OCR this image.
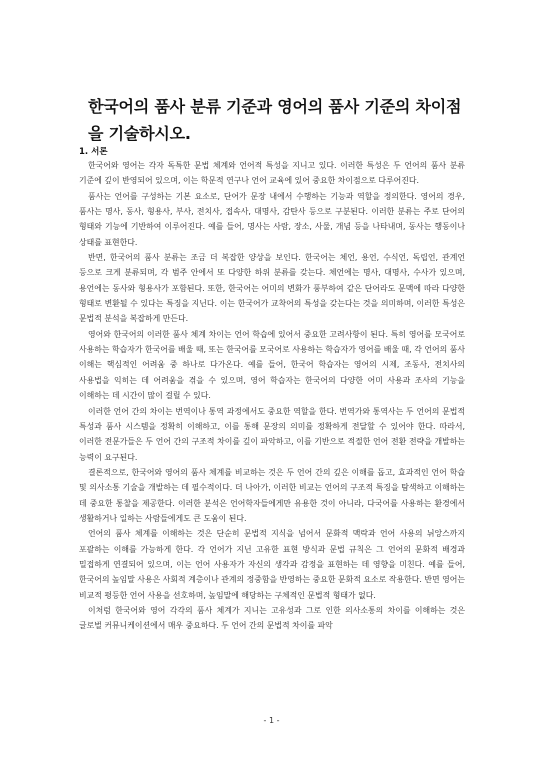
한국어의 품사 분류 기준과 영어의 품사 기준의 차이점을 기술하시오.
1. 서론

한국어와 영어는 각자 독특한 문법 체계와 언어적 특성을 지니고 있다. 이러한 특성은 두 언어의 품사 분류 기준에 깊이 반영되어 있으며, 이는 학문적 연구나 언어 교육에 있어 중요한 차이점으로 다루어진다.

품사는 언어를 구성하는 기본 요소로, 단어가 문장 내에서 수행하는 기능과 역할을 정의한다. 영어의 경우, 품사는 명사, 동사, 형용사, 부사, 전치사, 접속사, 대명사, 감탄사 등으로 구분된다. 이러한 분류는 주로 단어의 형태와 기능에 기반하여 이루어진다. 예를 들어, 명사는 사람, 장소, 사물, 개념 등을 나타내며, 동사는 행동이나 상태를 표현한다.

반면, 한국어의 품사 분류는 조금 더 복잡한 양상을 보인다. 한국어는 체언, 용언, 수식언, 독립언, 관계언 등으로 크게 분류되며, 각 범주 안에서 또 다양한 하위 분류를 갖는다. 체언에는 명사, 대명사, 수사가 있으며, 용언에는 동사와 형용사가 포함된다. 또한, 한국어는 어미의 변화가 풍부하여 같은 단어라도 문맥에 따라 다양한 형태로 변환될 수 있다는 특징을 지닌다. 이는 한국어가 교착어의 특성을 갖는다는 것을 의미하며, 이러한 특성은 문법적 분석을 복잡하게 만든다.

영어와 한국어의 이러한 품사 체계 차이는 언어 학습에 있어서 중요한 고려사항이 된다. 특히 영어를 모국어로 사용하는 학습자가 한국어를 배울 때, 또는 한국어를 모국어로 사용하는 학습자가 영어를 배울 때, 각 언어의 품사 이해는 핵심적인 어려움 중 하나로 다가온다. 예를 들어, 한국어 학습자는 영어의 시제, 조동사, 전치사의 사용법을 익히는 데 어려움을 겪을 수 있으며, 영어 학습자는 한국어의 다양한 어미 사용과 조사의 기능을 이해하는 데 시간이 많이 걸릴 수 있다.

이러한 언어 간의 차이는 번역이나 통역 과정에서도 중요한 역할을 한다. 번역가와 통역사는 두 언어의 문법적 특성과 품사 시스템을 정확히 이해하고, 이를 통해 문장의 의미를 정확하게 전달할 수 있어야 한다. 따라서, 이러한 전문가들은 두 언어 간의 구조적 차이를 깊이 파악하고, 이를 기반으로 적절한 언어 전환 전략을 개발하는 능력이 요구된다.

결론적으로, 한국어와 영어의 품사 체계를 비교하는 것은 두 언어 간의 깊은 이해를 돕고, 효과적인 언어 학습 및 의사소통 기술을 개발하는 데 필수적이다. 더 나아가, 이러한 비교는 언어의 구조적 특징을 탐색하고 이해하는 데 중요한 통찰을 제공한다. 이러한 분석은 언어학자들에게만 유용한 것이 아니라, 다국어를 사용하는 환경에서 생활하거나 일하는 사람들에게도 큰 도움이 된다.

언어의 품사 체계를 이해하는 것은 단순히 문법적 지식을 넘어서 문화적 맥락과 언어 사용의 뉘앙스까지 포괄하는 이해를 가능하게 한다. 각 언어가 지닌 고유한 표현 방식과 문법 규칙은 그 언어의 문화적 배경과 밀접하게 연결되어 있으며, 이는 언어 사용자가 자신의 생각과 감정을 표현하는 데 영향을 미친다. 예를 들어, 한국어의 높임말 사용은 사회적 계층이나 관계의 정중함을 반영하는 중요한 문화적 요소로 작용한다. 반면 영어는 비교적 평등한 언어 사용을 선호하며, 높임말에 해당하는 구체적인 문법적 형태가 없다.

이처럼 한국어와 영어 각각의 품사 체계가 지니는 고유성과 그로 인한 의사소통의 차이를 이해하는 것은 글로벌 커뮤니케이션에서 매우 중요하다. 두 언어 간의 문법적 차이를 파악

- 1 -
